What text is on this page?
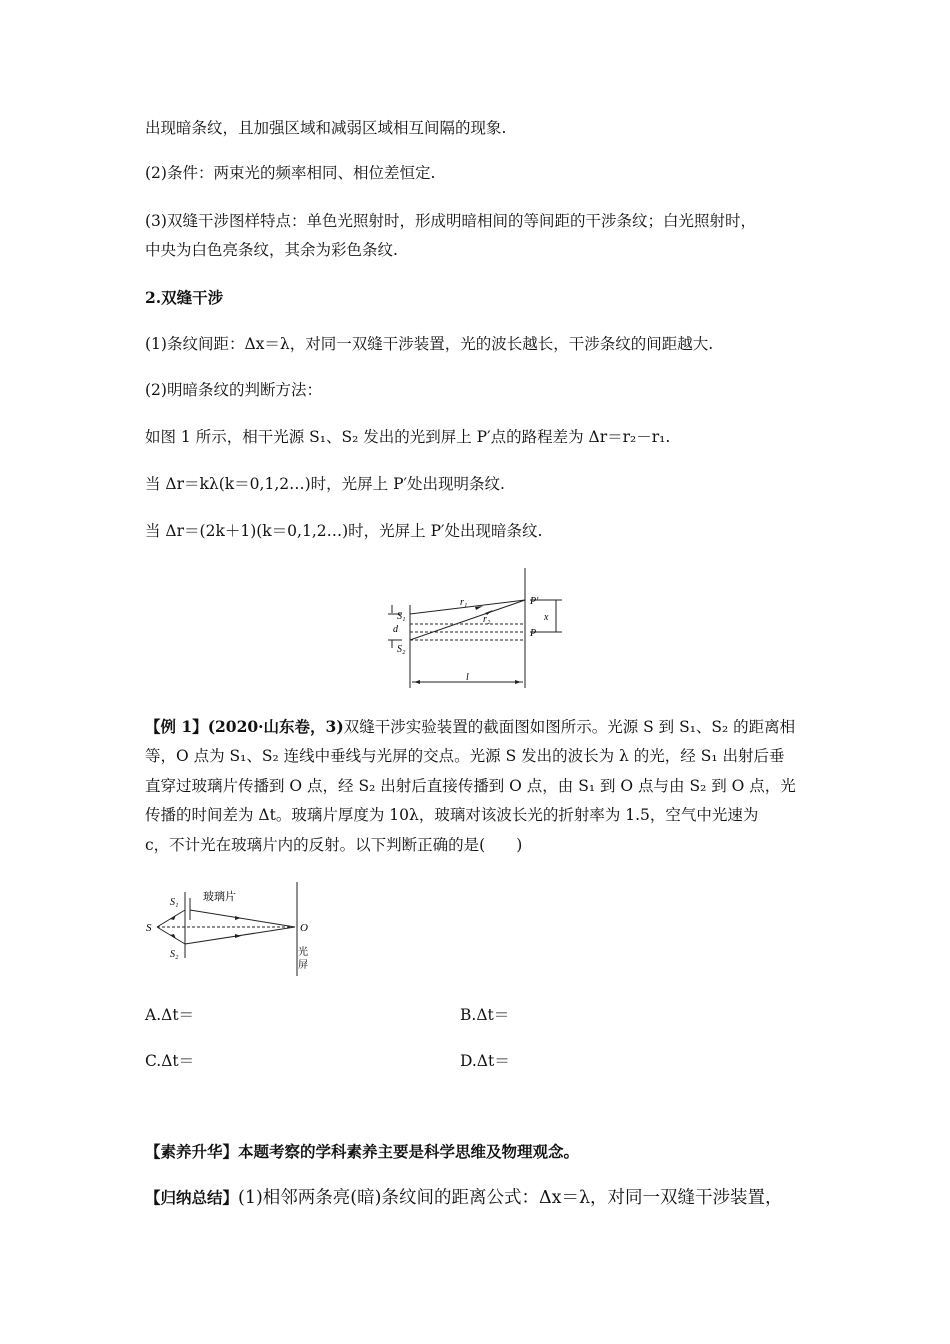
出现暗条纹，且加强区域和减弱区域相互间隔的现象.
(2)条件：两束光的频率相同、相位差恒定.
(3)双缝干涉图样特点：单色光照射时，形成明暗相间的等间距的干涉条纹；白光照射时，
中央为白色亮条纹，其余为彩色条纹.
2.双缝干涉
(1)条纹间距：Δx＝λ，对同一双缝干涉装置，光的波长越长，干涉条纹的间距越大.
(2)明暗条纹的判断方法：
如图 1 所示，相干光源 S₁、S₂ 发出的光到屏上 P′点的路程差为 Δr＝r₂－r₁.
当 Δr＝kλ(k＝0,1,2…)时，光屏上 P′处出现明条纹.
当 Δr＝(2k＋1)(k＝0,1,2…)时，光屏上 P′处出现暗条纹.
S₁
d
S₂
r₁
r₂
P′
P
x
l
【例 1】(2020·山东卷，3)双缝干涉实验装置的截面图如图所示。光源 S 到 S₁、S₂ 的距离相
等，O 点为 S₁、S₂ 连线中垂线与光屏的交点。光源 S 发出的波长为 λ 的光，经 S₁ 出射后垂
直穿过玻璃片传播到 O 点，经 S₂ 出射后直接传播到 O 点，由 S₁ 到 O 点与由 S₂ 到 O 点，光
传播的时间差为 Δt。玻璃片厚度为 10λ，玻璃对该波长光的折射率为 1.5，空气中光速为
c，不计光在玻璃片内的反射。以下判断正确的是(　　)
S
S₁
S₂
玻璃片
O
光
屏
A.Δt＝	B.Δt＝
C.Δt＝	D.Δt＝
【素养升华】本题考察的学科素养主要是科学思维及物理观念。
【归纳总结】(1)相邻两条亮(暗)条纹间的距离公式：Δx＝λ，对同一双缝干涉装置，
